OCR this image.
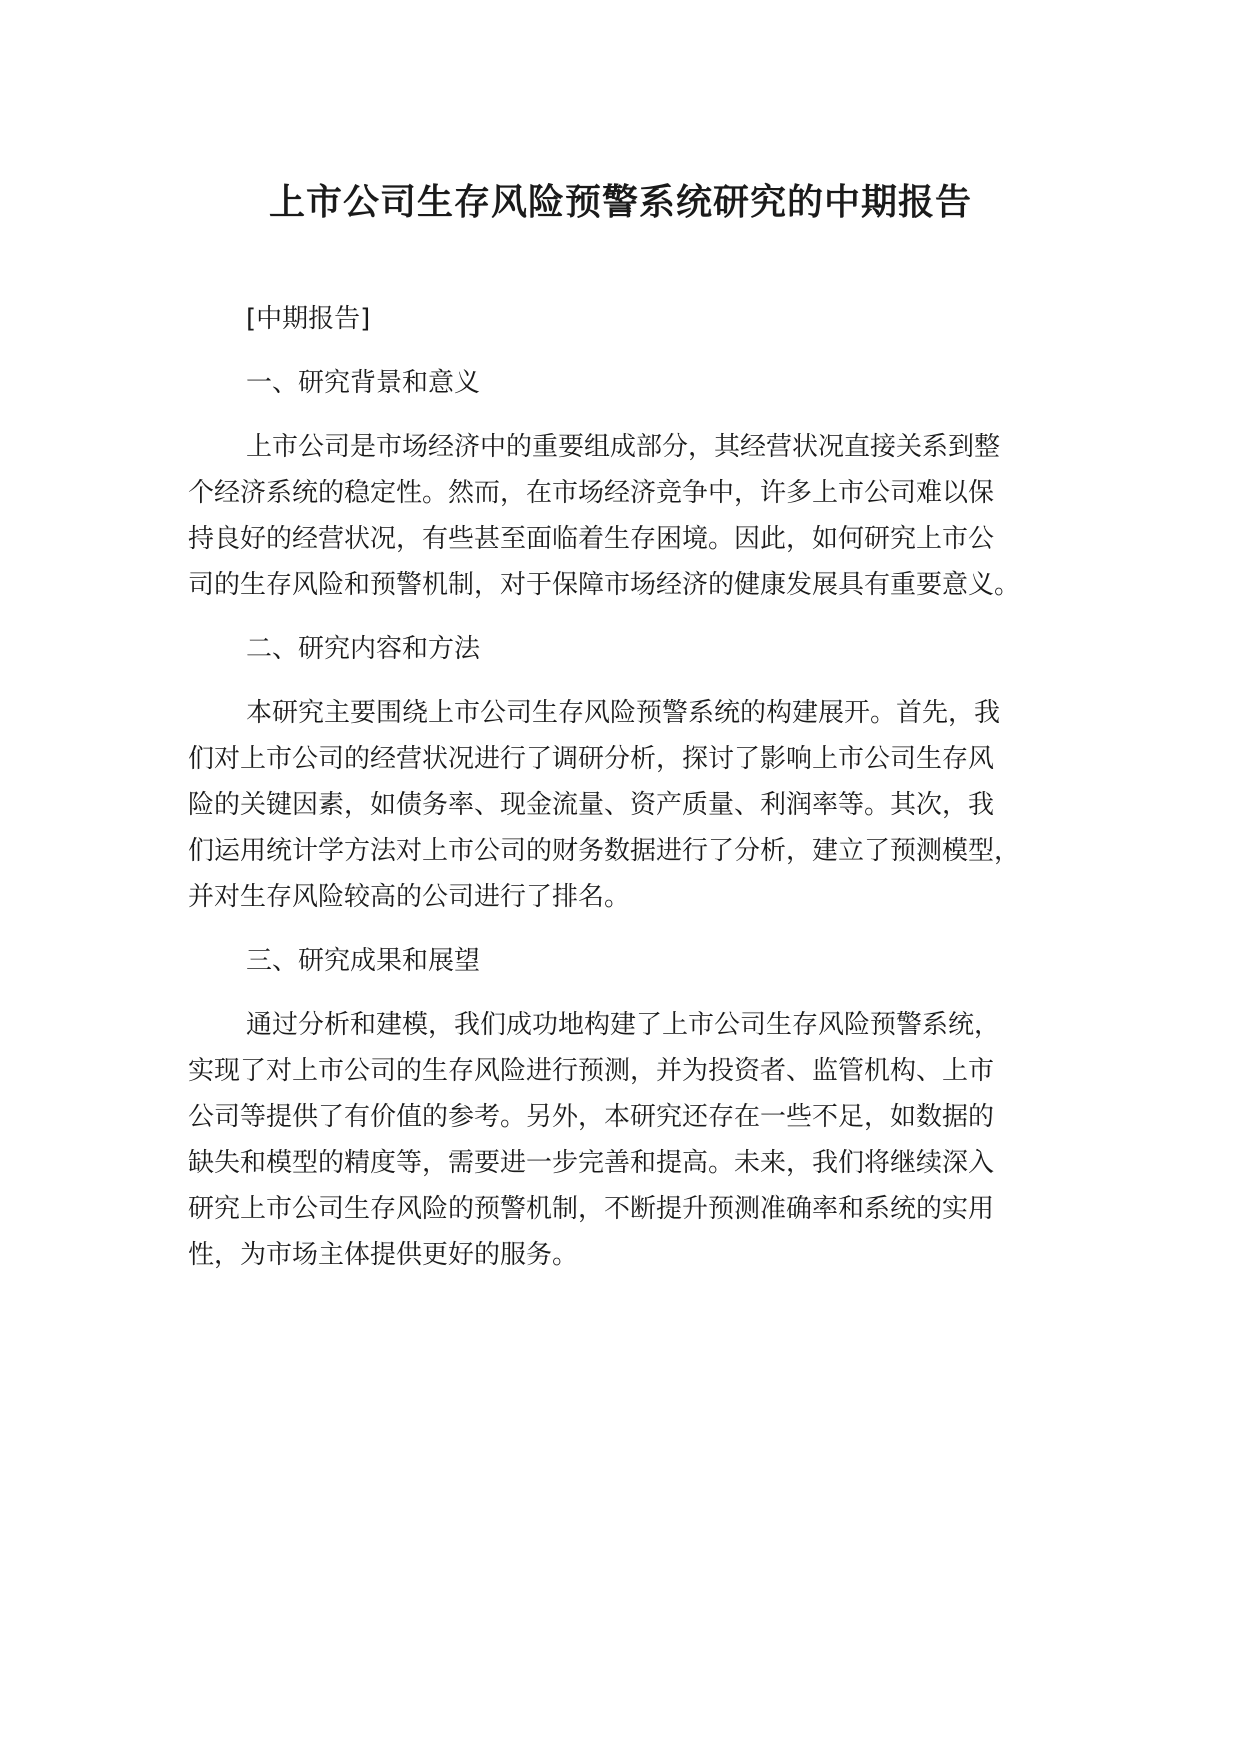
上市公司生存风险预警系统研究的中期报告

[中期报告]

一、研究背景和意义

上市公司是市场经济中的重要组成部分，其经营状况直接关系到整
个经济系统的稳定性。然而，在市场经济竞争中，许多上市公司难以保
持良好的经营状况，有些甚至面临着生存困境。因此，如何研究上市公
司的生存风险和预警机制，对于保障市场经济的健康发展具有重要意义。

二、研究内容和方法

本研究主要围绕上市公司生存风险预警系统的构建展开。首先，我
们对上市公司的经营状况进行了调研分析，探讨了影响上市公司生存风
险的关键因素，如债务率、现金流量、资产质量、利润率等。其次，我
们运用统计学方法对上市公司的财务数据进行了分析，建立了预测模型，
并对生存风险较高的公司进行了排名。

三、研究成果和展望

通过分析和建模，我们成功地构建了上市公司生存风险预警系统，
实现了对上市公司的生存风险进行预测，并为投资者、监管机构、上市
公司等提供了有价值的参考。另外，本研究还存在一些不足，如数据的
缺失和模型的精度等，需要进一步完善和提高。未来，我们将继续深入
研究上市公司生存风险的预警机制，不断提升预测准确率和系统的实用
性，为市场主体提供更好的服务。
